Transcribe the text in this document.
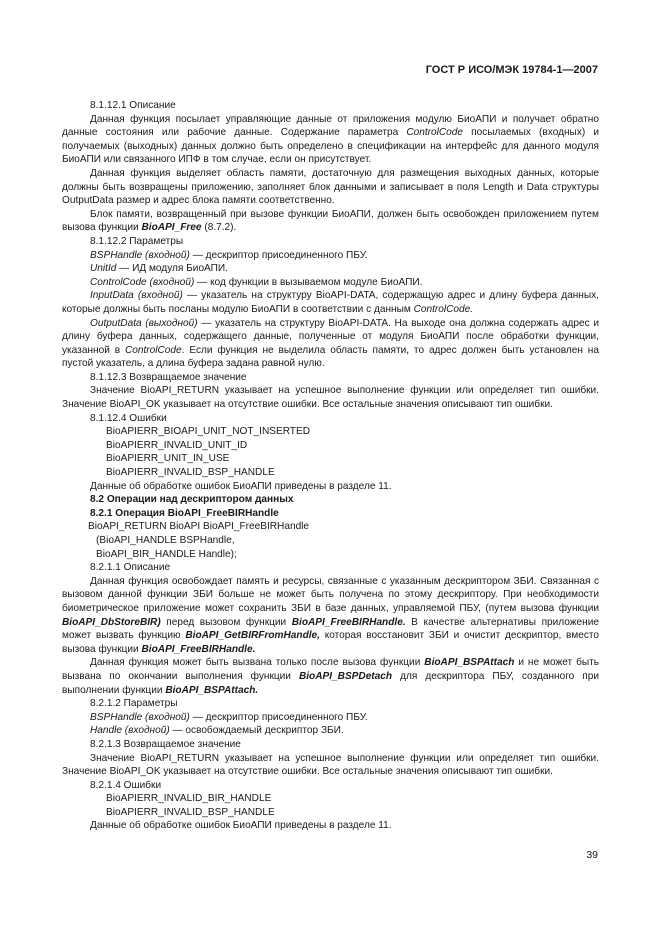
ГОСТ Р ИСО/МЭК 19784-1—2007

8.1.12.1 Описание

Данная функция посылает управляющие данные от приложения модулю БиоАПИ и получает обратно данные состояния или рабочие данные. Содержание параметра ControlCode посылаемых (входных) и получаемых (выходных) данных должно быть определено в спецификации на интерфейс для данного модуля БиоАПИ или связанного ИПФ в том случае, если он присутствует.

Данная функция выделяет область памяти, достаточную для размещения выходных данных, которые должны быть возвращены приложению, заполняет блок данными и записывает в поля Length и Data структуры OutputData размер и адрес блока памяти соответственно.

Блок памяти, возвращенный при вызове функции БиоАПИ, должен быть освобожден приложением путем вызова функции BioAPI_Free (8.7.2).

8.1.12.2 Параметры

BSPHandle (входной) — дескриптор присоединенного ПБУ.

UnitId — ИД модуля БиоАПИ.

ControlCode (входной) — код функции в вызываемом модуле БиоАПИ.

InputData (входной) — указатель на структуру BioAPI-DATA, содержащую адрес и длину буфера данных, которые должны быть посланы модулю БиоАПИ в соответствии с данным ControlCode.

OutputData (выходной) — указатель на структуру BioAPI-DATA. На выходе она должна содержать адрес и длину буфера данных, содержащего данные, полученные от модуля БиоАПИ после обработки функции, указанной в ControlCode. Если функция не выделила область памяти, то адрес должен быть установлен на пустой указатель, а длина буфера задана равной нулю.

8.1.12.3 Возвращаемое значение

Значение BioAPI_RETURN указывает на успешное выполнение функции или определяет тип ошибки. Значение BioAPI_OK указывает на отсутствие ошибки. Все остальные значения описывают тип ошибки.

8.1.12.4 Ошибки

BioAPIERR_BIOAPI_UNIT_NOT_INSERTED

BioAPIERR_INVALID_UNIT_ID

BioAPIERR_UNIT_IN_USE

BioAPIERR_INVALID_BSP_HANDLE

Данные об обработке ошибок БиоАПИ приведены в разделе 11.

8.2 Операции над дескриптором данных

8.2.1 Операция BioAPI_FreeBIRHandle

BioAPI_RETURN BioAPI BioAPI_FreeBIRHandle

(BioAPI_HANDLE BSPHandle,

BioAPI_BIR_HANDLE Handle);

8.2.1.1 Описание

Данная функция освобождает память и ресурсы, связанные с указанным дескриптором ЗБИ. Связанная с вызовом данной функции ЗБИ больше не может быть получена по этому дескриптору. При необходимости биометрическое приложение может сохранить ЗБИ в базе данных, управляемой ПБУ, (путем вызова функции BioAPI_DbStoreBIR) перед вызовом функции BioAPI_FreeBIRHandle. В качестве альтернативы приложение может вызвать функцию BioAPI_GetBIRFromHandle, которая восстановит ЗБИ и очистит дескриптор, вместо вызова функции BioAPI_FreeBIRHandle.

Данная функция может быть вызвана только после вызова функции BioAPI_BSPAttach и не может быть вызвана по окончании выполнения функции BioAPI_BSPDetach для дескриптора ПБУ, созданного при выполнении функции BioAPI_BSPAttach.

8.2.1.2 Параметры

BSPHandle (входной) — дескриптор присоединенного ПБУ.

Handle (входной) — освобождаемый дескриптор ЗБИ.

8.2.1.3 Возвращаемое значение

Значение BioAPI_RETURN указывает на успешное выполнение функции или определяет тип ошибки. Значение BioAPI_OK указывает на отсутствие ошибки. Все остальные значения описывают тип ошибки.

8.2.1.4 Ошибки

BioAPIERR_INVALID_BIR_HANDLE

BioAPIERR_INVALID_BSP_HANDLE

Данные об обработке ошибок БиоАПИ приведены в разделе 11.

39
